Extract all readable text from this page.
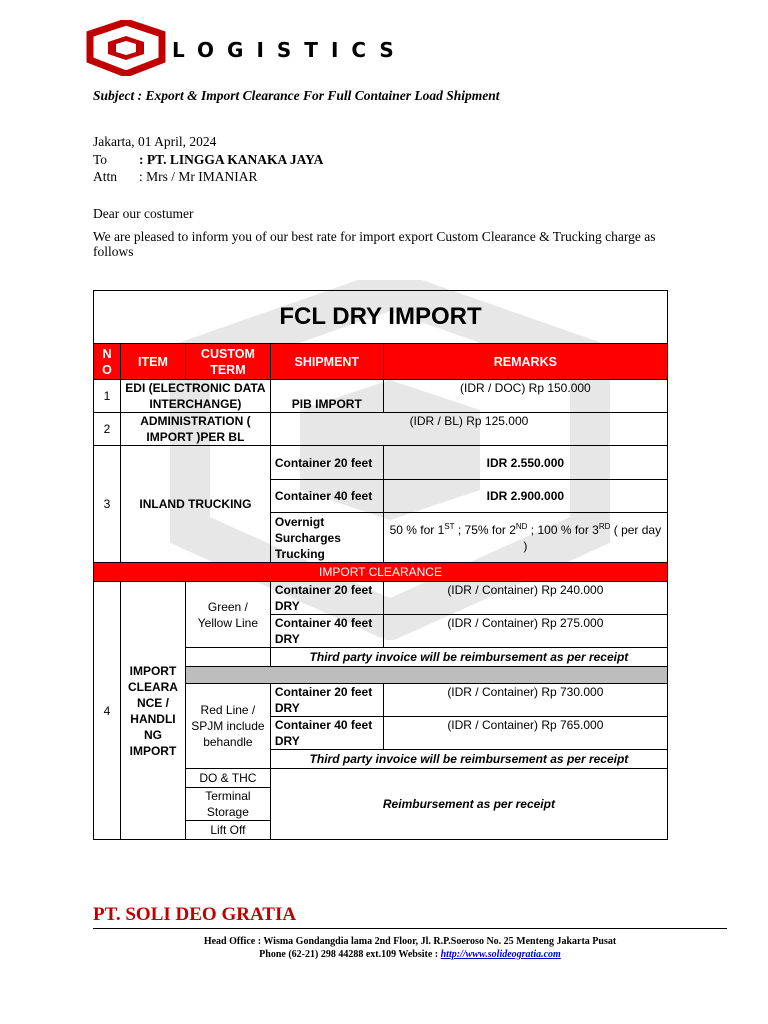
LOGISTICS
Subject : Export & Import Clearance For Full Container Load Shipment
Jakarta, 01 April, 2024
To : PT. LINGGA KANAKA JAYA
Attn : Mrs / Mr IMANIAR
Dear our costumer
We are pleased to inform you of our best rate for import export Custom Clearance & Trucking charge as follows
FCL DRY IMPORT				
N O	ITEM	CUSTOM TERM	SHIPMENT	REMARKS
1	EDI (ELECTRONIC DATA INTERCHANGE)		PIB IMPORT	(IDR / DOC) Rp 150.000
2	ADMINISTRATION ( IMPORT )PER BL		(IDR / BL) Rp 125.000	
3	INLAND TRUCKING		Container 20 feet	IDR 2.550.000
			Container 40 feet	IDR 2.900.000
			Overnigt Surcharges Trucking	50 % for 1ST ; 75% for 2ND ; 100 % for 3RD ( per day )
IMPORT CLEARANCE				
4	IMPORT CLEARA NCE / HANDLI NG IMPORT	Green / Yellow Line	Container 20 feet DRY	(IDR / Container) Rp 240.000
			Container 40 feet DRY	(IDR / Container) Rp 275.000
			Third party invoice will be reimbursement as per receipt	

		Red Line / SPJM include behandle	Container 20 feet DRY	(IDR / Container) Rp 730.000
			Container 40 feet DRY	(IDR / Container) Rp 765.000
			Third party invoice will be reimbursement as per receipt	
		DO & THC	Reimbursement as per receipt	
		Terminal Storage		
		Lift Off		
PT. SOLI DEO GRATIA
Head Office : Wisma Gondangdia lama 2nd Floor, Jl. R.P.Soeroso No. 25 Menteng Jakarta Pusat
Phone (62-21) 298 44288 ext.109 Website : http://www.solideogratia.com
